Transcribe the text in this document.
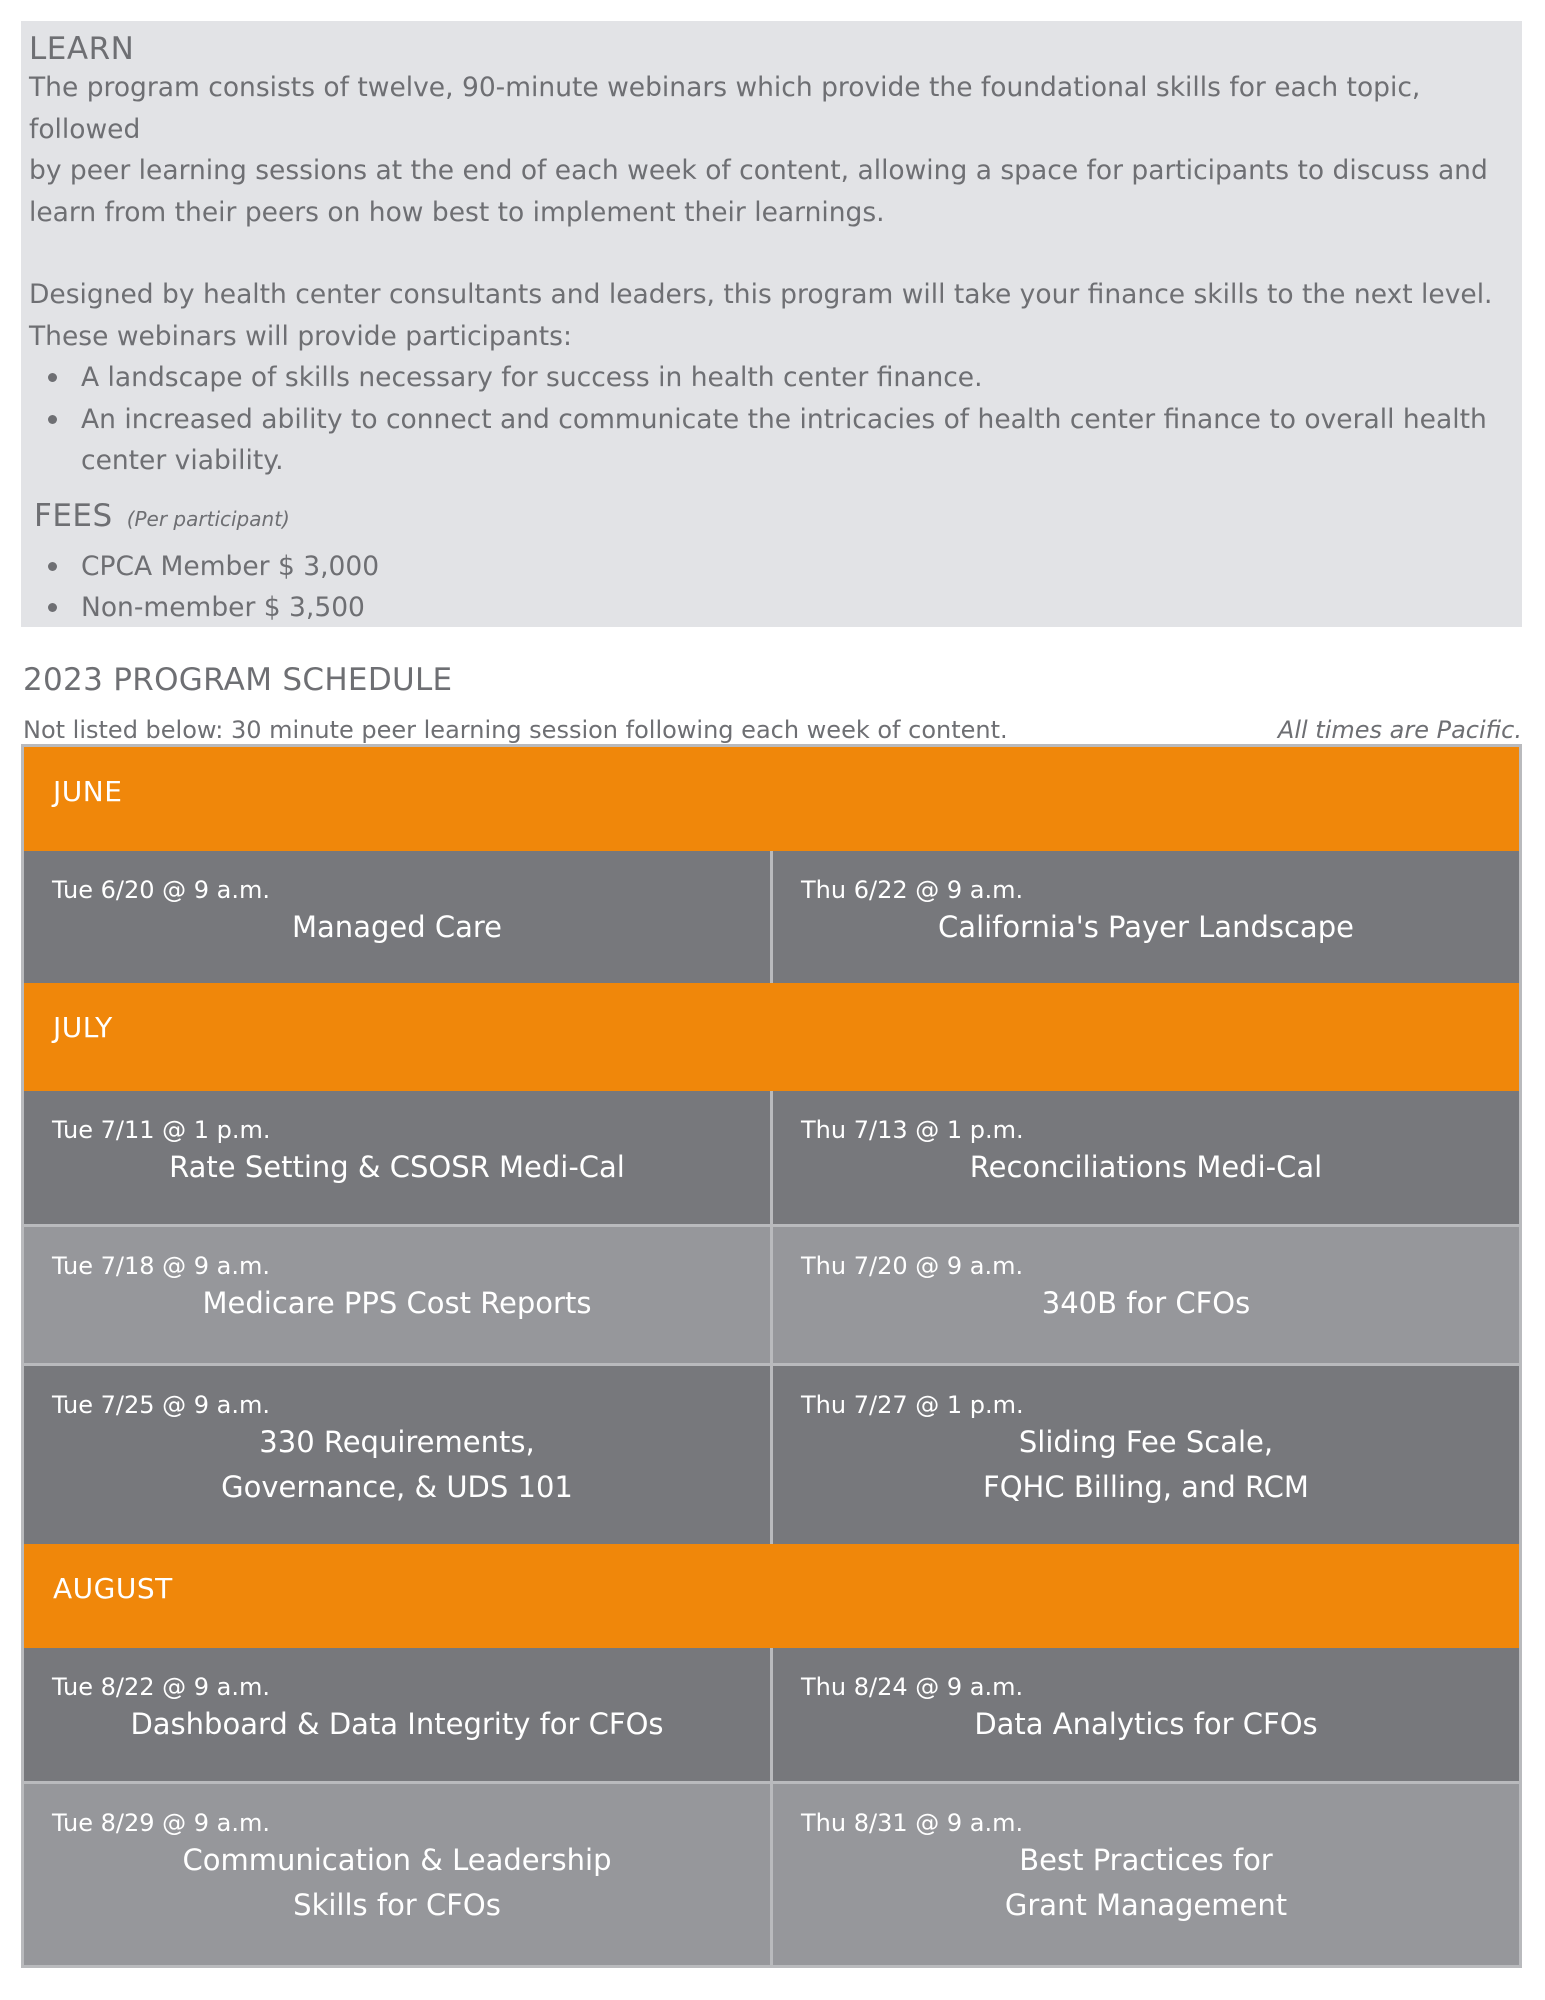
LEARN
The program consists of twelve, 90-minute webinars which provide the foundational skills for each topic, followed
by peer learning sessions at the end of each week of content, allowing a space for participants to discuss and
learn from their peers on how best to implement their learnings.
Designed by health center consultants and leaders, this program will take your finance skills to the next level.
These webinars will provide participants:
A landscape of skills necessary for success in health center finance.
An increased ability to connect and communicate the intricacies of health center finance to overall health
center viability.
FEES (Per participant)
CPCA Member $ 3,000
Non-member $ 3,500
2023 PROGRAM SCHEDULE
Not listed below: 30 minute peer learning session following each week of content.	All times are Pacific.
JUNE
Tue 6/20 @ 9 a.m.
Managed Care
Thu 6/22 @ 9 a.m.
California's Payer Landscape
JULY
Tue 7/11 @ 1 p.m.
Rate Setting & CSOSR Medi-Cal
Thu 7/13 @ 1 p.m.
Reconciliations Medi-Cal
Tue 7/18 @ 9 a.m.
Medicare PPS Cost Reports
Thu 7/20 @ 9 a.m.
340B for CFOs
Tue 7/25 @ 9 a.m.
330 Requirements,
Governance, & UDS 101
Thu 7/27 @ 1 p.m.
Sliding Fee Scale,
FQHC Billing, and RCM
AUGUST
Tue 8/22 @ 9 a.m.
Dashboard & Data Integrity for CFOs
Thu 8/24 @ 9 a.m.
Data Analytics for CFOs
Tue 8/29 @ 9 a.m.
Communication & Leadership
Skills for CFOs
Thu 8/31 @ 9 a.m.
Best Practices for
Grant Management
